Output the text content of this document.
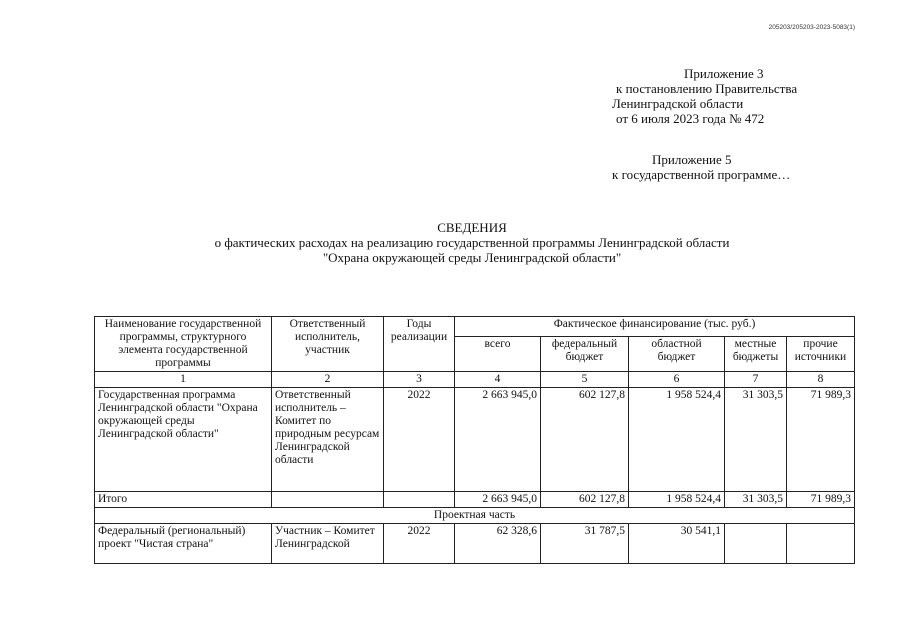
205203/205203-2023-5083(1)
Приложение 3
к постановлению Правительства
Ленинградской области
от 6 июля 2023 года № 472
Приложение 5
к государственной программе…
СВЕДЕНИЯ
о фактических расходах на реализацию государственной программы Ленинградской области
"Охрана окружающей среды Ленинградской области"
Наименование государственной программы, структурного элемента государственной программы	Ответственный исполнитель, участник	Годы реализации	Фактическое финансирование (тыс. руб.)				
			всего	федеральный бюджет	областной бюджет	местные бюджеты	прочие источники
1	2	3	4	5	6	7	8
Государственная программа Ленинградской области "Охрана окружающей среды Ленинградской области"	Ответственный исполнитель – Комитет по природным ресурсам Ленинградской области	2022	2 663 945,0	602 127,8	1 958 524,4	31 303,5	71 989,3
Итого			2 663 945,0	602 127,8	1 958 524,4	31 303,5	71 989,3
Проектная часть							
Федеральный (региональный) проект "Чистая страна"	Участник – Комитет Ленинградской	2022	62 328,6	31 787,5	30 541,1		
